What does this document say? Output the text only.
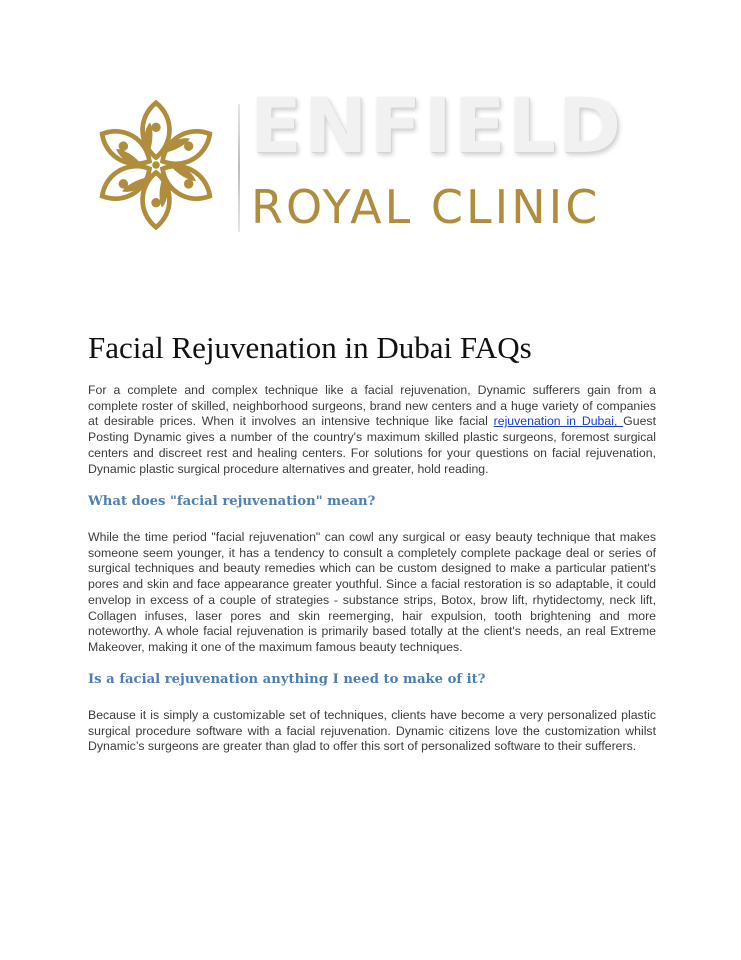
ENFIELD
ROYAL CLINIC
Facial Rejuvenation in Dubai FAQs

For a complete and complex technique like a facial rejuvenation, Dynamic sufferers gain from a complete roster of skilled, neighborhood surgeons, brand new centers and a huge variety of companies at desirable prices. When it involves an intensive technique like facial rejuvenation in Dubai, Guest Posting Dynamic gives a number of the country's maximum skilled plastic surgeons, foremost surgical centers and discreet rest and healing centers. For solutions for your questions on facial rejuvenation, Dynamic plastic surgical procedure alternatives and greater, hold reading.

What does "facial rejuvenation" mean?

While the time period "facial rejuvenation" can cowl any surgical or easy beauty technique that makes someone seem younger, it has a tendency to consult a completely complete package deal or series of surgical techniques and beauty remedies which can be custom designed to make a particular patient's pores and skin and face appearance greater youthful. Since a facial restoration is so adaptable, it could envelop in excess of a couple of strategies - substance strips, Botox, brow lift, rhytidectomy, neck lift, Collagen infuses, laser pores and skin reemerging, hair expulsion, tooth brightening and more noteworthy. A whole facial rejuvenation is primarily based totally at the client's needs, an real Extreme Makeover, making it one of the maximum famous beauty techniques.

Is a facial rejuvenation anything I need to make of it?

Because it is simply a customizable set of techniques, clients have become a very personalized plastic surgical procedure software with a facial rejuvenation. Dynamic citizens love the customization whilst Dynamic’s surgeons are greater than glad to offer this sort of personalized software to their sufferers.
